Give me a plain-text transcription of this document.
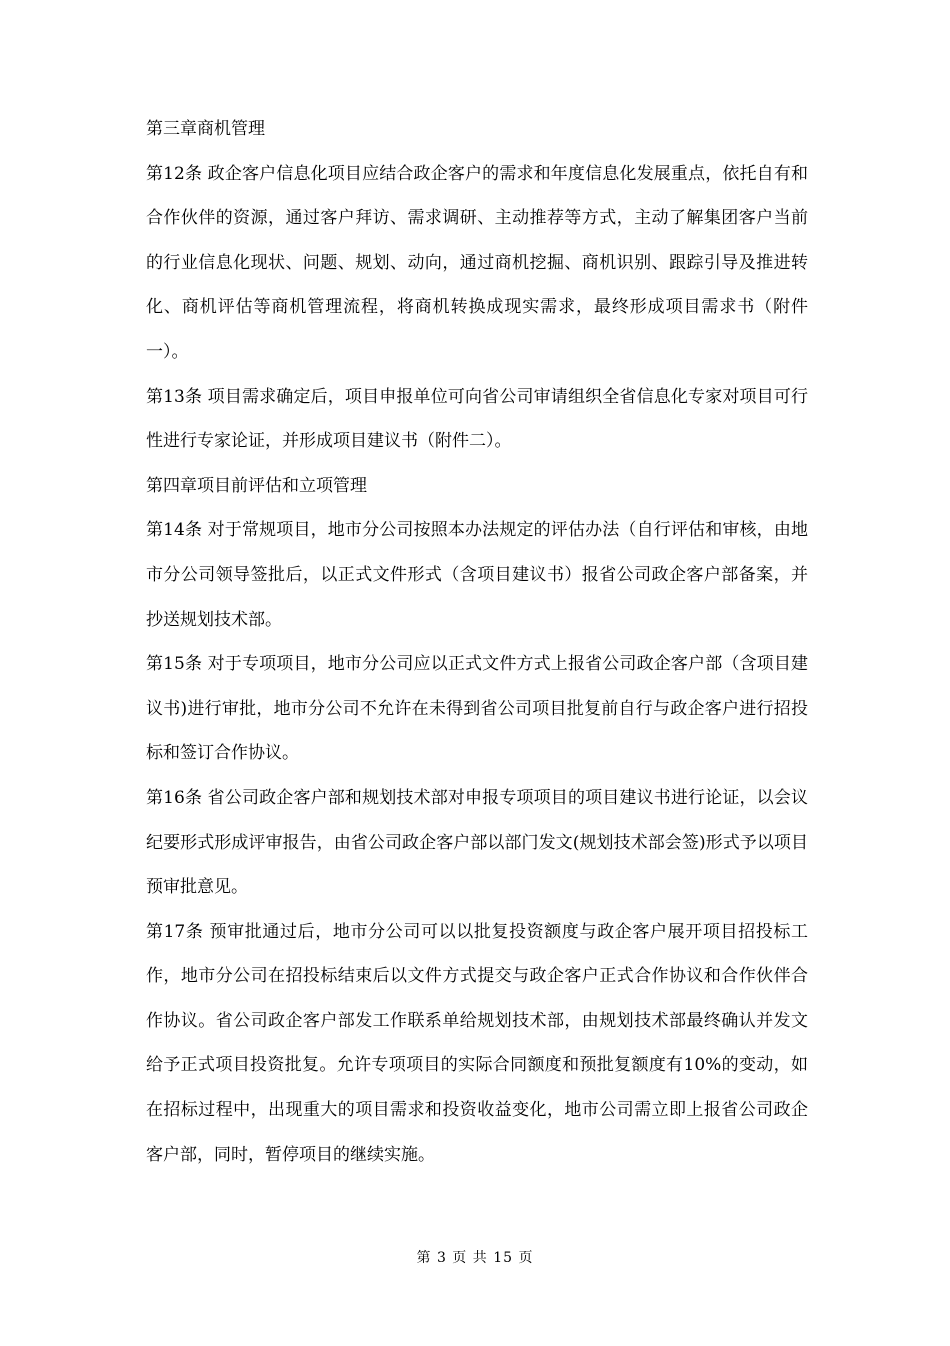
第三章商机管理

第12条 政企客户信息化项目应结合政企客户的需求和年度信息化发展重点，依托自有和合作伙伴的资源，通过客户拜访、需求调研、主动推荐等方式，主动了解集团客户当前的行业信息化现状、问题、规划、动向，通过商机挖掘、商机识别、跟踪引导及推进转化、商机评估等商机管理流程，将商机转换成现实需求，最终形成项目需求书（附件一）。

第13条 项目需求确定后，项目申报单位可向省公司审请组织全省信息化专家对项目可行性进行专家论证，并形成项目建议书（附件二）。

第四章项目前评估和立项管理

第14条 对于常规项目，地市分公司按照本办法规定的评估办法（自行评估和审核，由地市分公司领导签批后，以正式文件形式（含项目建议书）报省公司政企客户部备案，并抄送规划技术部。

第15条 对于专项项目，地市分公司应以正式文件方式上报省公司政企客户部（含项目建议书)进行审批，地市分公司不允许在未得到省公司项目批复前自行与政企客户进行招投标和签订合作协议。

第16条 省公司政企客户部和规划技术部对申报专项项目的项目建议书进行论证，以会议纪要形式形成评审报告，由省公司政企客户部以部门发文(规划技术部会签)形式予以项目预审批意见。

第17条 预审批通过后，地市分公司可以以批复投资额度与政企客户展开项目招投标工作，地市分公司在招投标结束后以文件方式提交与政企客户正式合作协议和合作伙伴合作协议。省公司政企客户部发工作联系单给规划技术部，由规划技术部最终确认并发文给予正式项目投资批复。允许专项项目的实际合同额度和预批复额度有10%的变动，如在招标过程中，出现重大的项目需求和投资收益变化，地市公司需立即上报省公司政企客户部，同时，暂停项目的继续实施。

第 3 页 共 15 页
